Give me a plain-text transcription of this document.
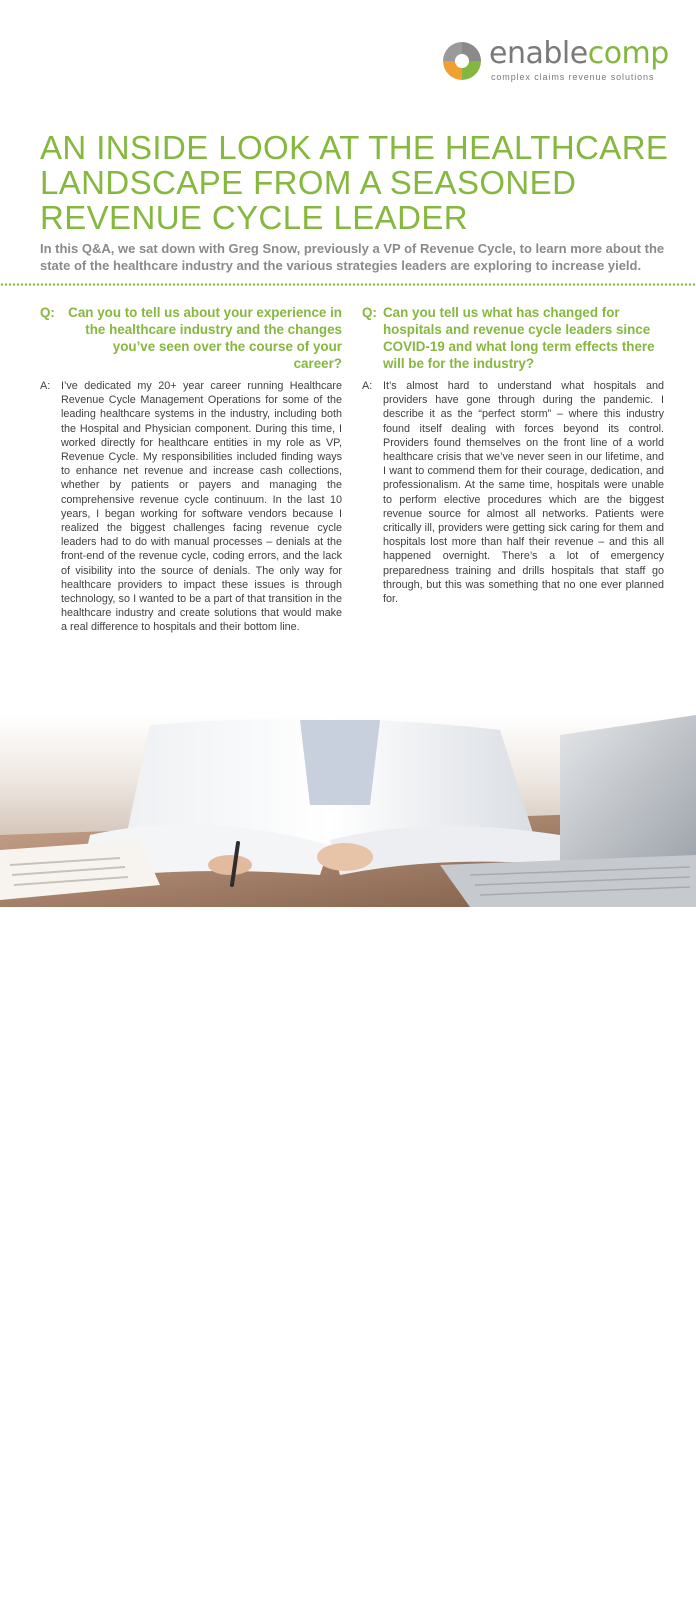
enablecomp
complex claims revenue solutions
AN INSIDE LOOK AT THE HEALTHCARE LANDSCAPE FROM A SEASONED REVENUE CYCLE LEADER

In this Q&A, we sat down with Greg Snow, previously a VP of Revenue Cycle, to learn more about the state of the healthcare industry and the various strategies leaders are exploring to increase yield.

Q: Can you to tell us about your experience in the healthcare industry and the changes you’ve seen over the course of your career?

A: I’ve dedicated my 20+ year career running Healthcare Revenue Cycle Management Operations for some of the leading healthcare systems in the industry, including both the Hospital and Physician component. During this time, I worked directly for healthcare entities in my role as VP, Revenue Cycle. My responsibilities included finding ways to enhance net revenue and increase cash collections, whether by patients or payers and managing the comprehensive revenue cycle continuum. In the last 10 years, I began working for software vendors because I realized the biggest challenges facing revenue cycle leaders had to do with manual processes – denials at the front-end of the revenue cycle, coding errors, and the lack of visibility into the source of denials. The only way for healthcare providers to impact these issues is through technology, so I wanted to be a part of that transition in the healthcare industry and create solutions that would make a real difference to hospitals and their bottom line.

Q: Can you tell us what has changed for hospitals and revenue cycle leaders since COVID-19 and what long term effects there will be for the industry?

A: It’s almost hard to understand what hospitals and providers have gone through during the pandemic. I describe it as the “perfect storm” – where this industry found itself dealing with forces beyond its control. Providers found themselves on the front line of a world healthcare crisis that we’ve never seen in our lifetime, and I want to commend them for their courage, dedication, and professionalism. At the same time, hospitals were unable to perform elective procedures which are the biggest revenue source for almost all networks. Patients were critically ill, providers were getting sick caring for them and hospitals lost more than half their revenue – and this all happened overnight. There’s a lot of emergency preparedness training and drills hospitals that staff go through, but this was something that no one ever planned for.

© 2022 EnableComp | All Rights Reserved	An Inside Look at the Healthcare Landscape from a Seasoned Revenue Cycle Leader | 1
